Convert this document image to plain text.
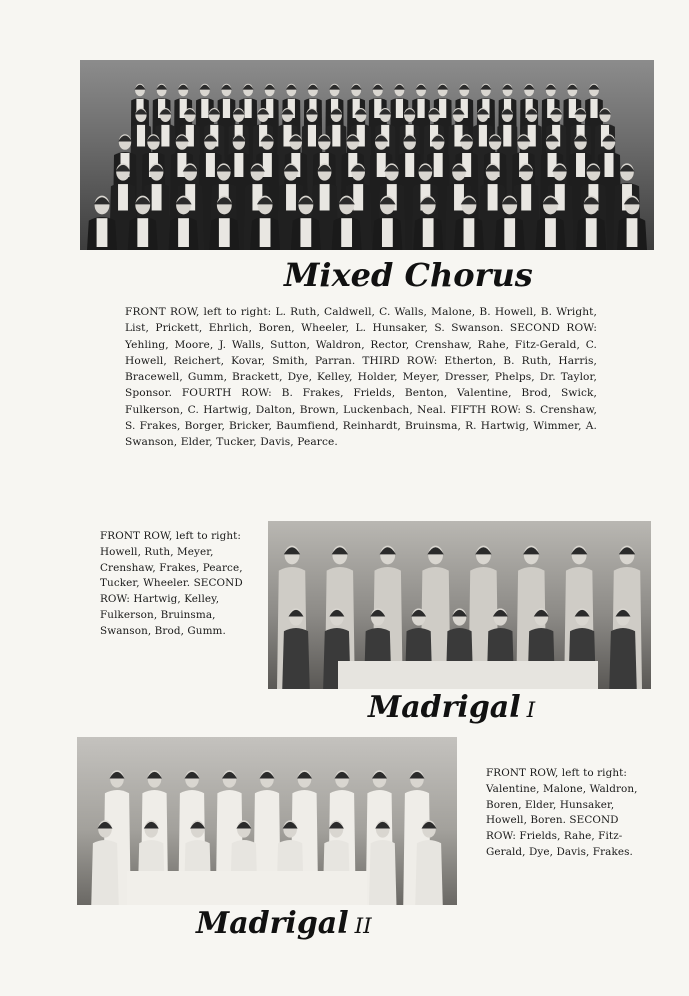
Mixed Chorus

FRONT ROW, left to right: L. Ruth, Caldwell, C. Walls, Malone, B. Howell, B. Wright, List, Prickett, Ehrlich, Boren, Wheeler, L. Hunsaker, S. Swanson. SECOND ROW: Yehling, Moore, J. Walls, Sutton, Waldron, Rector, Crenshaw, Rahe, Fitz-Gerald, C. Howell, Reichert, Kovar, Smith, Parran. THIRD ROW: Etherton, B. Ruth, Harris, Bracewell, Gumm, Brackett, Dye, Kelley, Holder, Meyer, Dresser, Phelps, Dr. Taylor, Sponsor. FOURTH ROW: B. Frakes, Frields, Benton, Valentine, Brod, Swick, Fulkerson, C. Hartwig, Dalton, Brown, Luckenbach, Neal. FIFTH ROW: S. Crenshaw, S. Frakes, Borger, Bricker, Baumfiend, Reinhardt, Bruinsma, R. Hartwig, Wimmer, A. Swanson, Elder, Tucker, Davis, Pearce.

FRONT ROW, left to right: Howell, Ruth, Meyer, Crenshaw, Frakes, Pearce, Tucker, Wheeler. SECOND ROW: Hartwig, Kelley, Fulkerson, Bruinsma, Swanson, Brod, Gumm.

Madrigal I

FRONT ROW, left to right: Valentine, Malone, Waldron, Boren, Elder, Hunsaker, Howell, Boren. SECOND ROW: Frields, Rahe, Fitz-Gerald, Dye, Davis, Frakes.

Madrigal II
